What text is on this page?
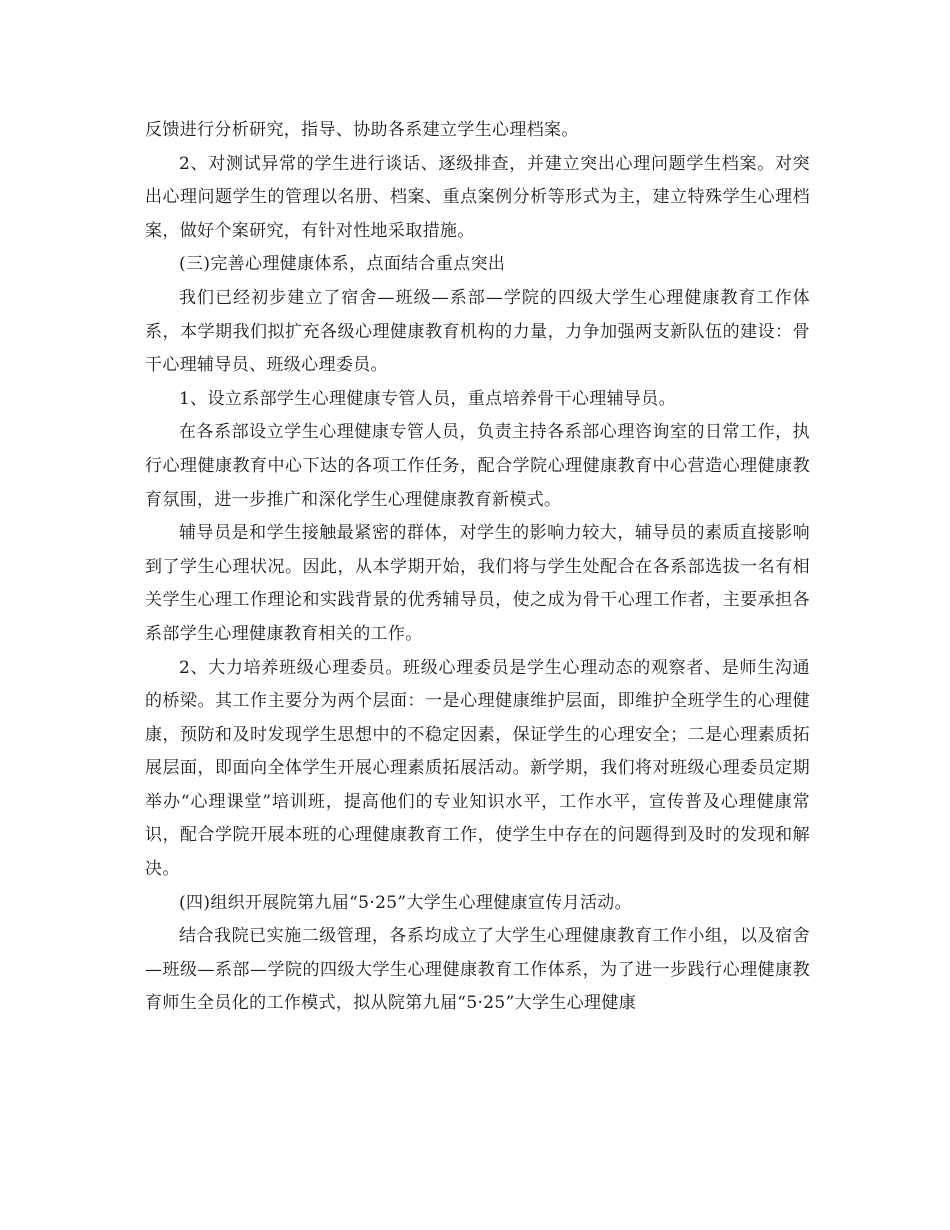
反馈进行分析研究，指导、协助各系建立学生心理档案。

2、对测试异常的学生进行谈话、逐级排查，并建立突出心理问题学生档案。对突出心理问题学生的管理以名册、档案、重点案例分析等形式为主，建立特殊学生心理档案，做好个案研究，有针对性地采取措施。

(三)完善心理健康体系，点面结合重点突出

我们已经初步建立了宿舍—班级—系部—学院的四级大学生心理健康教育工作体系，本学期我们拟扩充各级心理健康教育机构的力量，力争加强两支新队伍的建设：骨干心理辅导员、班级心理委员。

1、设立系部学生心理健康专管人员，重点培养骨干心理辅导员。

在各系部设立学生心理健康专管人员，负责主持各系部心理咨询室的日常工作，执行心理健康教育中心下达的各项工作任务，配合学院心理健康教育中心营造心理健康教育氛围，进一步推广和深化学生心理健康教育新模式。

辅导员是和学生接触最紧密的群体，对学生的影响力较大，辅导员的素质直接影响到了学生心理状况。因此，从本学期开始，我们将与学生处配合在各系部选拔一名有相关学生心理工作理论和实践背景的优秀辅导员，使之成为骨干心理工作者，主要承担各系部学生心理健康教育相关的工作。

2、大力培养班级心理委员。班级心理委员是学生心理动态的观察者、是师生沟通的桥梁。其工作主要分为两个层面：一是心理健康维护层面，即维护全班学生的心理健康，预防和及时发现学生思想中的不稳定因素，保证学生的心理安全；二是心理素质拓展层面，即面向全体学生开展心理素质拓展活动。新学期，我们将对班级心理委员定期举办“心理课堂”培训班，提高他们的专业知识水平，工作水平，宣传普及心理健康常识，配合学院开展本班的心理健康教育工作，使学生中存在的问题得到及时的发现和解决。

(四)组织开展院第九届“5·25”大学生心理健康宣传月活动。

结合我院已实施二级管理，各系均成立了大学生心理健康教育工作小组，以及宿舍—班级—系部—学院的四级大学生心理健康教育工作体系，为了进一步践行心理健康教育师生全员化的工作模式，拟从院第九届“5·25”大学生心理健康
